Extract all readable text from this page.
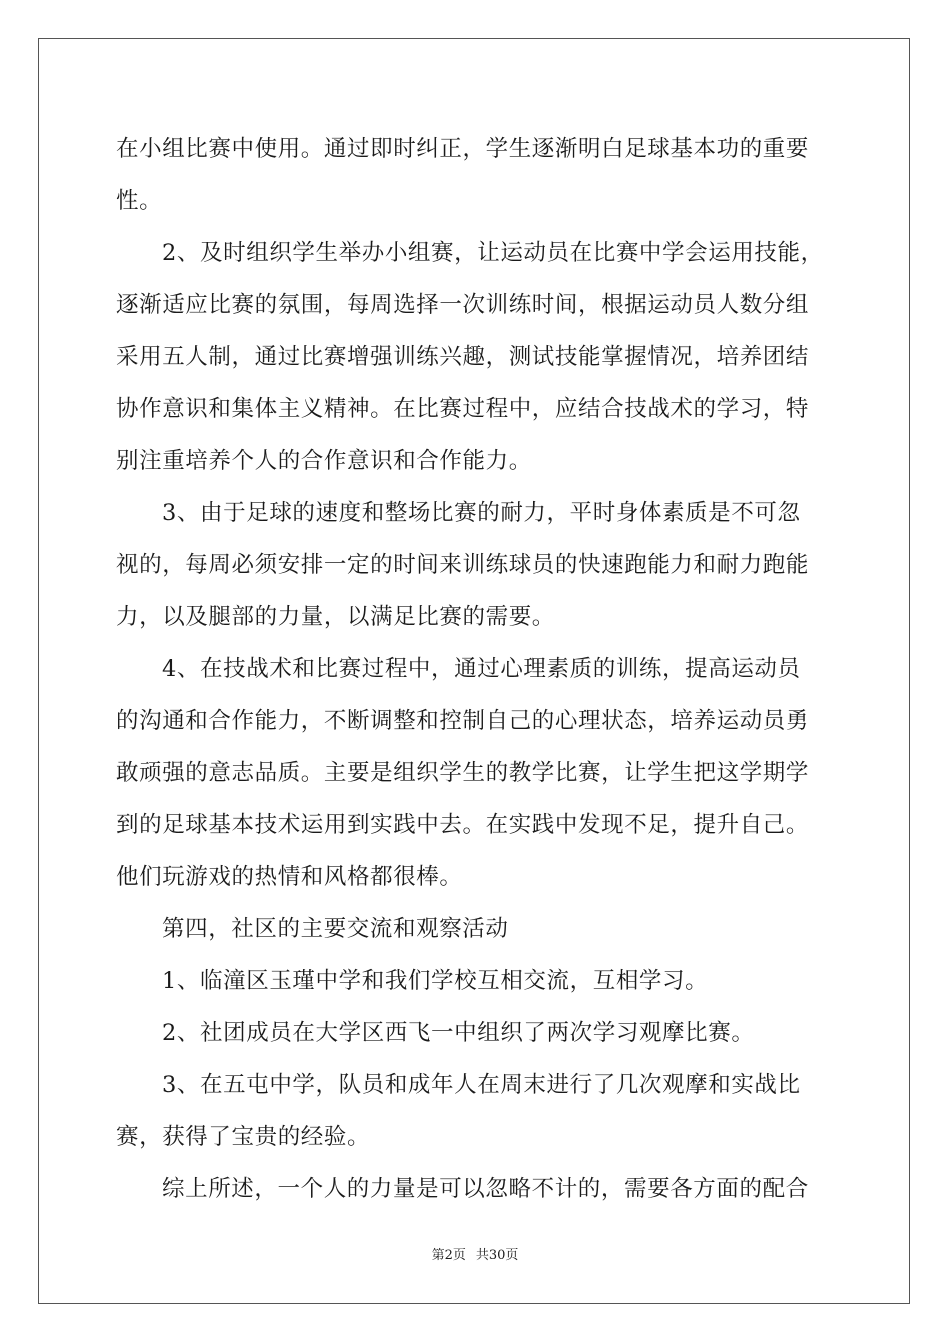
在小组比赛中使用。通过即时纠正，学生逐渐明白足球基本功的重要

性。

2、及时组织学生举办小组赛，让运动员在比赛中学会运用技能，

逐渐适应比赛的氛围，每周选择一次训练时间，根据运动员人数分组

采用五人制，通过比赛增强训练兴趣，测试技能掌握情况，培养团结

协作意识和集体主义精神。在比赛过程中，应结合技战术的学习，特

别注重培养个人的合作意识和合作能力。

3、由于足球的速度和整场比赛的耐力，平时身体素质是不可忽

视的，每周必须安排一定的时间来训练球员的快速跑能力和耐力跑能

力，以及腿部的力量，以满足比赛的需要。

4、在技战术和比赛过程中，通过心理素质的训练，提高运动员

的沟通和合作能力，不断调整和控制自己的心理状态，培养运动员勇

敢顽强的意志品质。主要是组织学生的教学比赛，让学生把这学期学

到的足球基本技术运用到实践中去。在实践中发现不足，提升自己。

他们玩游戏的热情和风格都很棒。

第四，社区的主要交流和观察活动

1、临潼区玉瑾中学和我们学校互相交流，互相学习。

2、社团成员在大学区西飞一中组织了两次学习观摩比赛。

3、在五屯中学，队员和成年人在周末进行了几次观摩和实战比

赛，获得了宝贵的经验。

综上所述，一个人的力量是可以忽略不计的，需要各方面的配合

第2页 共30页
